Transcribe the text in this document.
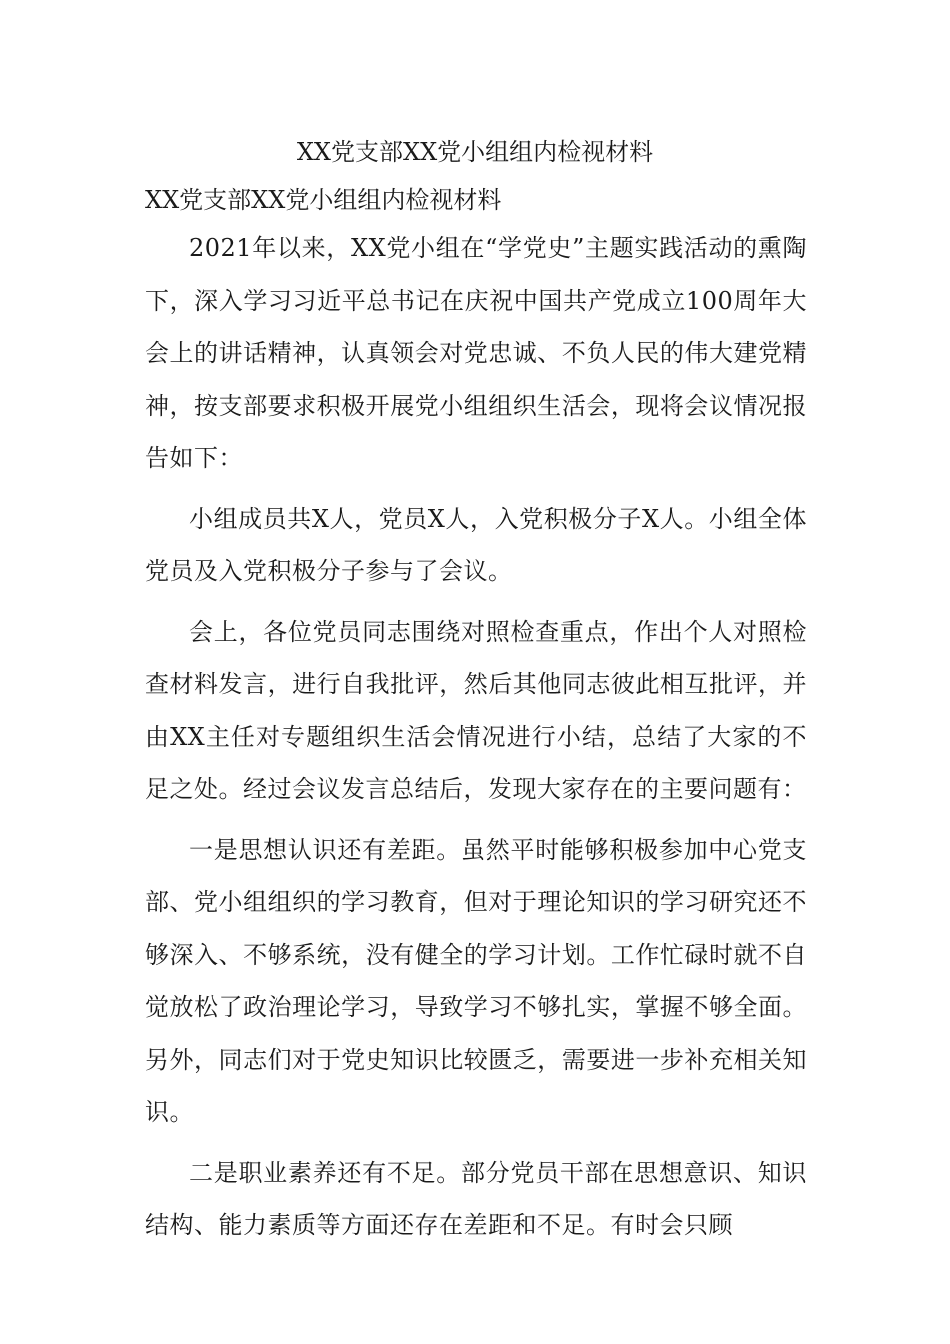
XX党支部XX党小组组内检视材料

XX党支部XX党小组组内检视材料

2021年以来，XX党小组在“学党史”主题实践活动的熏陶下，深入学习习近平总书记在庆祝中国共产党成立100周年大会上的讲话精神，认真领会对党忠诚、不负人民的伟大建党精神，按支部要求积极开展党小组组织生活会，现将会议情况报告如下：

小组成员共X人，党员X人，入党积极分子X人。小组全体党员及入党积极分子参与了会议。

会上，各位党员同志围绕对照检查重点，作出个人对照检查材料发言，进行自我批评，然后其他同志彼此相互批评，并由XX主任对专题组织生活会情况进行小结，总结了大家的不足之处。经过会议发言总结后，发现大家存在的主要问题有：

一是思想认识还有差距。虽然平时能够积极参加中心党支部、党小组组织的学习教育，但对于理论知识的学习研究还不够深入、不够系统，没有健全的学习计划。工作忙碌时就不自觉放松了政治理论学习，导致学习不够扎实，掌握不够全面。另外，同志们对于党史知识比较匮乏，需要进一步补充相关知识。

二是职业素养还有不足。部分党员干部在思想意识、知识结构、能力素质等方面还存在差距和不足。有时会只顾
